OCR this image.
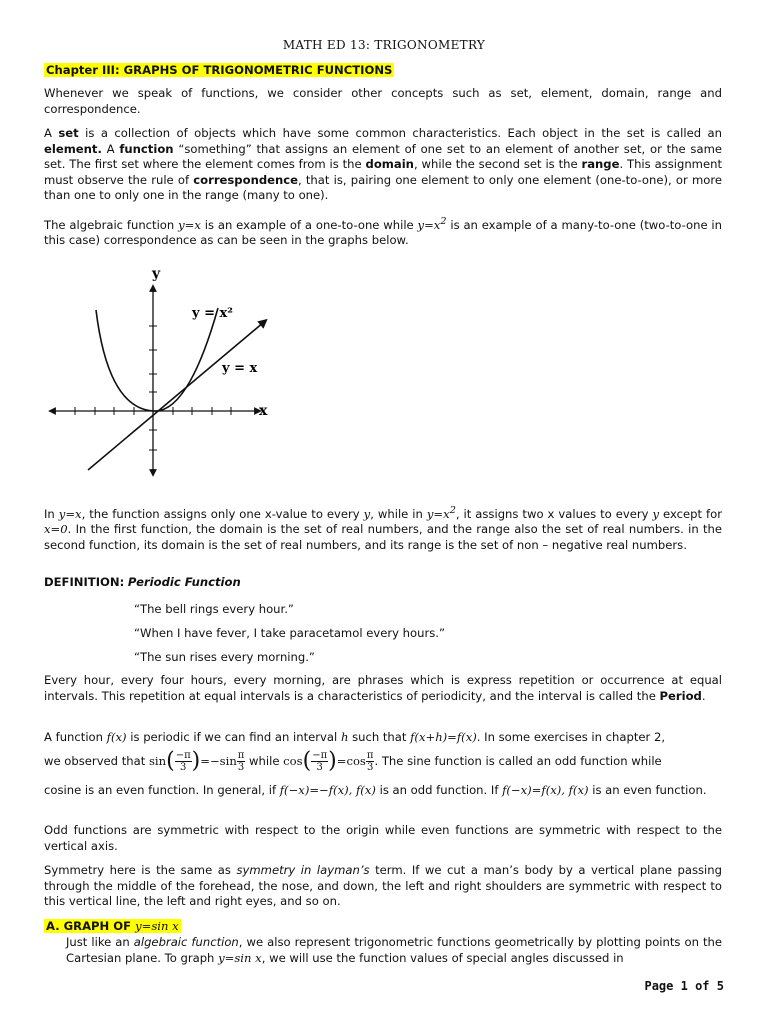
MATH ED 13: TRIGONOMETRY
Chapter III: GRAPHS OF TRIGONOMETRIC FUNCTIONS

Whenever we speak of functions, we consider other concepts such as set, element, domain, range and correspondence.

A set is a collection of objects which have some common characteristics. Each object in the set is called an element. A function “something” that assigns an element of one set to an element of another set, or the same set. The first set where the element comes from is the domain, while the second set is the range. This assignment must observe the rule of correspondence, that is, pairing one element to only one element (one-to-one), or more than one to only one in the range (many to one).

The algebraic function y=x is an example of a one-to-one while $y=x^2$ is an example of a many-to-one (two-to-one in this case) correspondence as can be seen in the graphs below.

y
x
y = x²
y = x

In y=x, the function assigns only one x-value to every y, while in $y=x^2$, it assigns two x values to every y except for x=0. In the first function, the domain is the set of real numbers, and the range also the set of real numbers. in the second function, its domain is the set of real numbers, and its range is the set of non – negative real numbers.

DEFINITION: Periodic Function
“The bell rings every hour.”
“When I have fever, I take paracetamol every hours.”
“The sun rises every morning.”

Every hour, every four hours, every morning, are phrases which is express repetition or occurrence at equal intervals. This repetition at equal intervals is a characteristics of periodicity, and the interval is called the Period.

A function f(x) is periodic if we can find an interval h such that f(x+h)=f(x). In some exercises in chapter 2,

we observed that $\sin( \frac{-\pi}{3} )=-\sin \frac{\pi}{3}$ while $\cos( \frac{-\pi}{3} )=\cos \frac{\pi}{3}$ . The sine function is called an odd function while

cosine is an even function. In general, if f(−x)=−f(x), f(x) is an odd function. If f(−x)=f(x), f(x) is an even function.

Odd functions are symmetric with respect to the origin while even functions are symmetric with respect to the vertical axis.

Symmetry here is the same as symmetry in layman’s term. If we cut a man’s body by a vertical plane passing through the middle of the forehead, the nose, and down, the left and right shoulders are symmetric with respect to this vertical line, the left and right eyes, and so on.

A. GRAPH OF y=sin x

Just like an algebraic function, we also represent trigonometric functions geometrically by plotting points on the Cartesian plane. To graph y=sin x, we will use the function values of special angles discussed in

Page 1 of 5
